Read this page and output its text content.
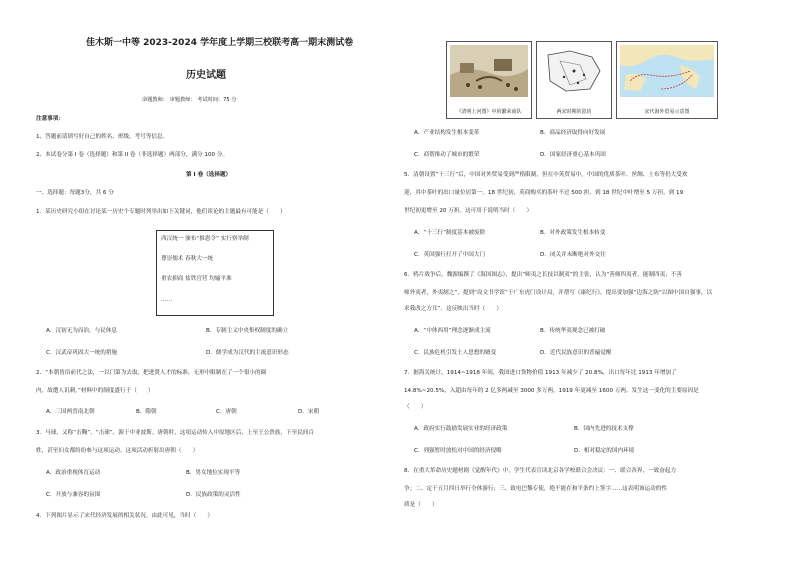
佳木斯一中等 2023-2024 学年度上学期三校联考高一期末测试卷
历史试题
命题教师： 审题教师： 考试时间：75 分
注意事项：
1、答题前请填写好自己的姓名、班级、考号等信息。
2、本试卷分第 I 卷（选择题）和第 II 卷（非选择题）两部分，满分 100 分。
第 Ⅰ 卷（选择题）
一、选择题：每题3分，共 6 分
1．某历史研究小组在讨论某一历史个专题时列举出如下关键词，他们谈论的主题最有可能是（　　）
西汉统一 颁布“推恩令” 实行察举制
尊崇儒术 春秋大一统
重农抑商 盐铁官营 均输平准
……
A．汉初无为而治，与民休息	B．专制主义中央集权制度的确立
C．汉武帝巩固大一统的措施	D．儒学成为汉代的主流意识形态
2．“本朝皆沿前代之法，一以门第为去取，把进贤人才的标准，无形中限制在了一个很小的圈
内，故遭人讥刺。”材料中的制度盛行于（　　）
A．三国两晋南北朝	B．隋朝	C．唐朝	D．宋朝
3．马球，又称“击鞠”、“击球”，源于中亚波斯。唐朝时，这项运动传入中原地区后，上至王公贵族，下至民间百
姓，甚至妇女都纷纷参与这项运动。这项活动折射出唐朝（　　）
A．政治重视体育运动	B．男女地位实现平等
C．开放与兼容的氛围	D．民族政策的灵活性
4．下列图片显示了宋代经济发展的相关状况。由此可见，当时（　　）
《清明上河图》中的繁荣商队	两宋时期的瓷坊	宋代海外贸易示意图
A．产业结构发生根本变革	B．商品经济取得向好发展
C．商帮推动了城市的繁荣	D．国家经济重心基本巩固
5．清朝设置“十三行”后，中国对外贸易受到严格限制，但在中英贸易中，中国的优质茶叶、丝绸、土布等仍大受欢
迎，其中茶叶的出口量位居第一。18 世纪初，英商购买的茶叶不过 500 担，到 18 世纪中叶增至 5 万担，到 19
世纪初更增至 20 万担。这可用于说明当时（　　）
A．“十三行”制度基本被废除	B．对外政策发生根本转变
C．英国强行打开了中国大门	D．闭关并未断绝对外交往
6．鸦片战争后，魏源编撰了《海国图志》，提出“师夷之长技以制夷”的主张，认为“善师四夷者，能制四夷；不善
师外夷者，外夷制之”，提到“设文书学馆”于广东虎门设计局，并帮写《康纪行》，提出要加强“边海之防”以图中国自强事，以
求我改之方耳”。这反映出当时（　　）
A．“中体西用”理念逐渐成主流	B．传统华夷观念已被打破
C．民族危机引发士人思想的嬗变	D．近代民族意识的普遍觉醒
7．据海关统计，1914~1918 年间，我国进口货物价值 1913 年减少了 20.8%，出口每年比 1913 年增加了
14.8%~20.5%，入超由每年的 2 亿多两减至 3000 多万两，1919 年更减至 1600 万两。发生这一变化的主要原因是
（　　）
A．政府实行鼓励发展实业的经济政策	B．国内先进的技术支撑
C．列强暂时放松对中国的经济侵略	D．相对稳定的国内环境
8．在重大革命历史题材剧《觉醒年代》中，学生代表宣读北京各学校联合会决议：一、联合各界，一致奋起力
争；二、定于五月四日举行全体游行；三、致电巴黎专使，绝不能在和平条约上签字……这表明该运动的性
质是（　　）
